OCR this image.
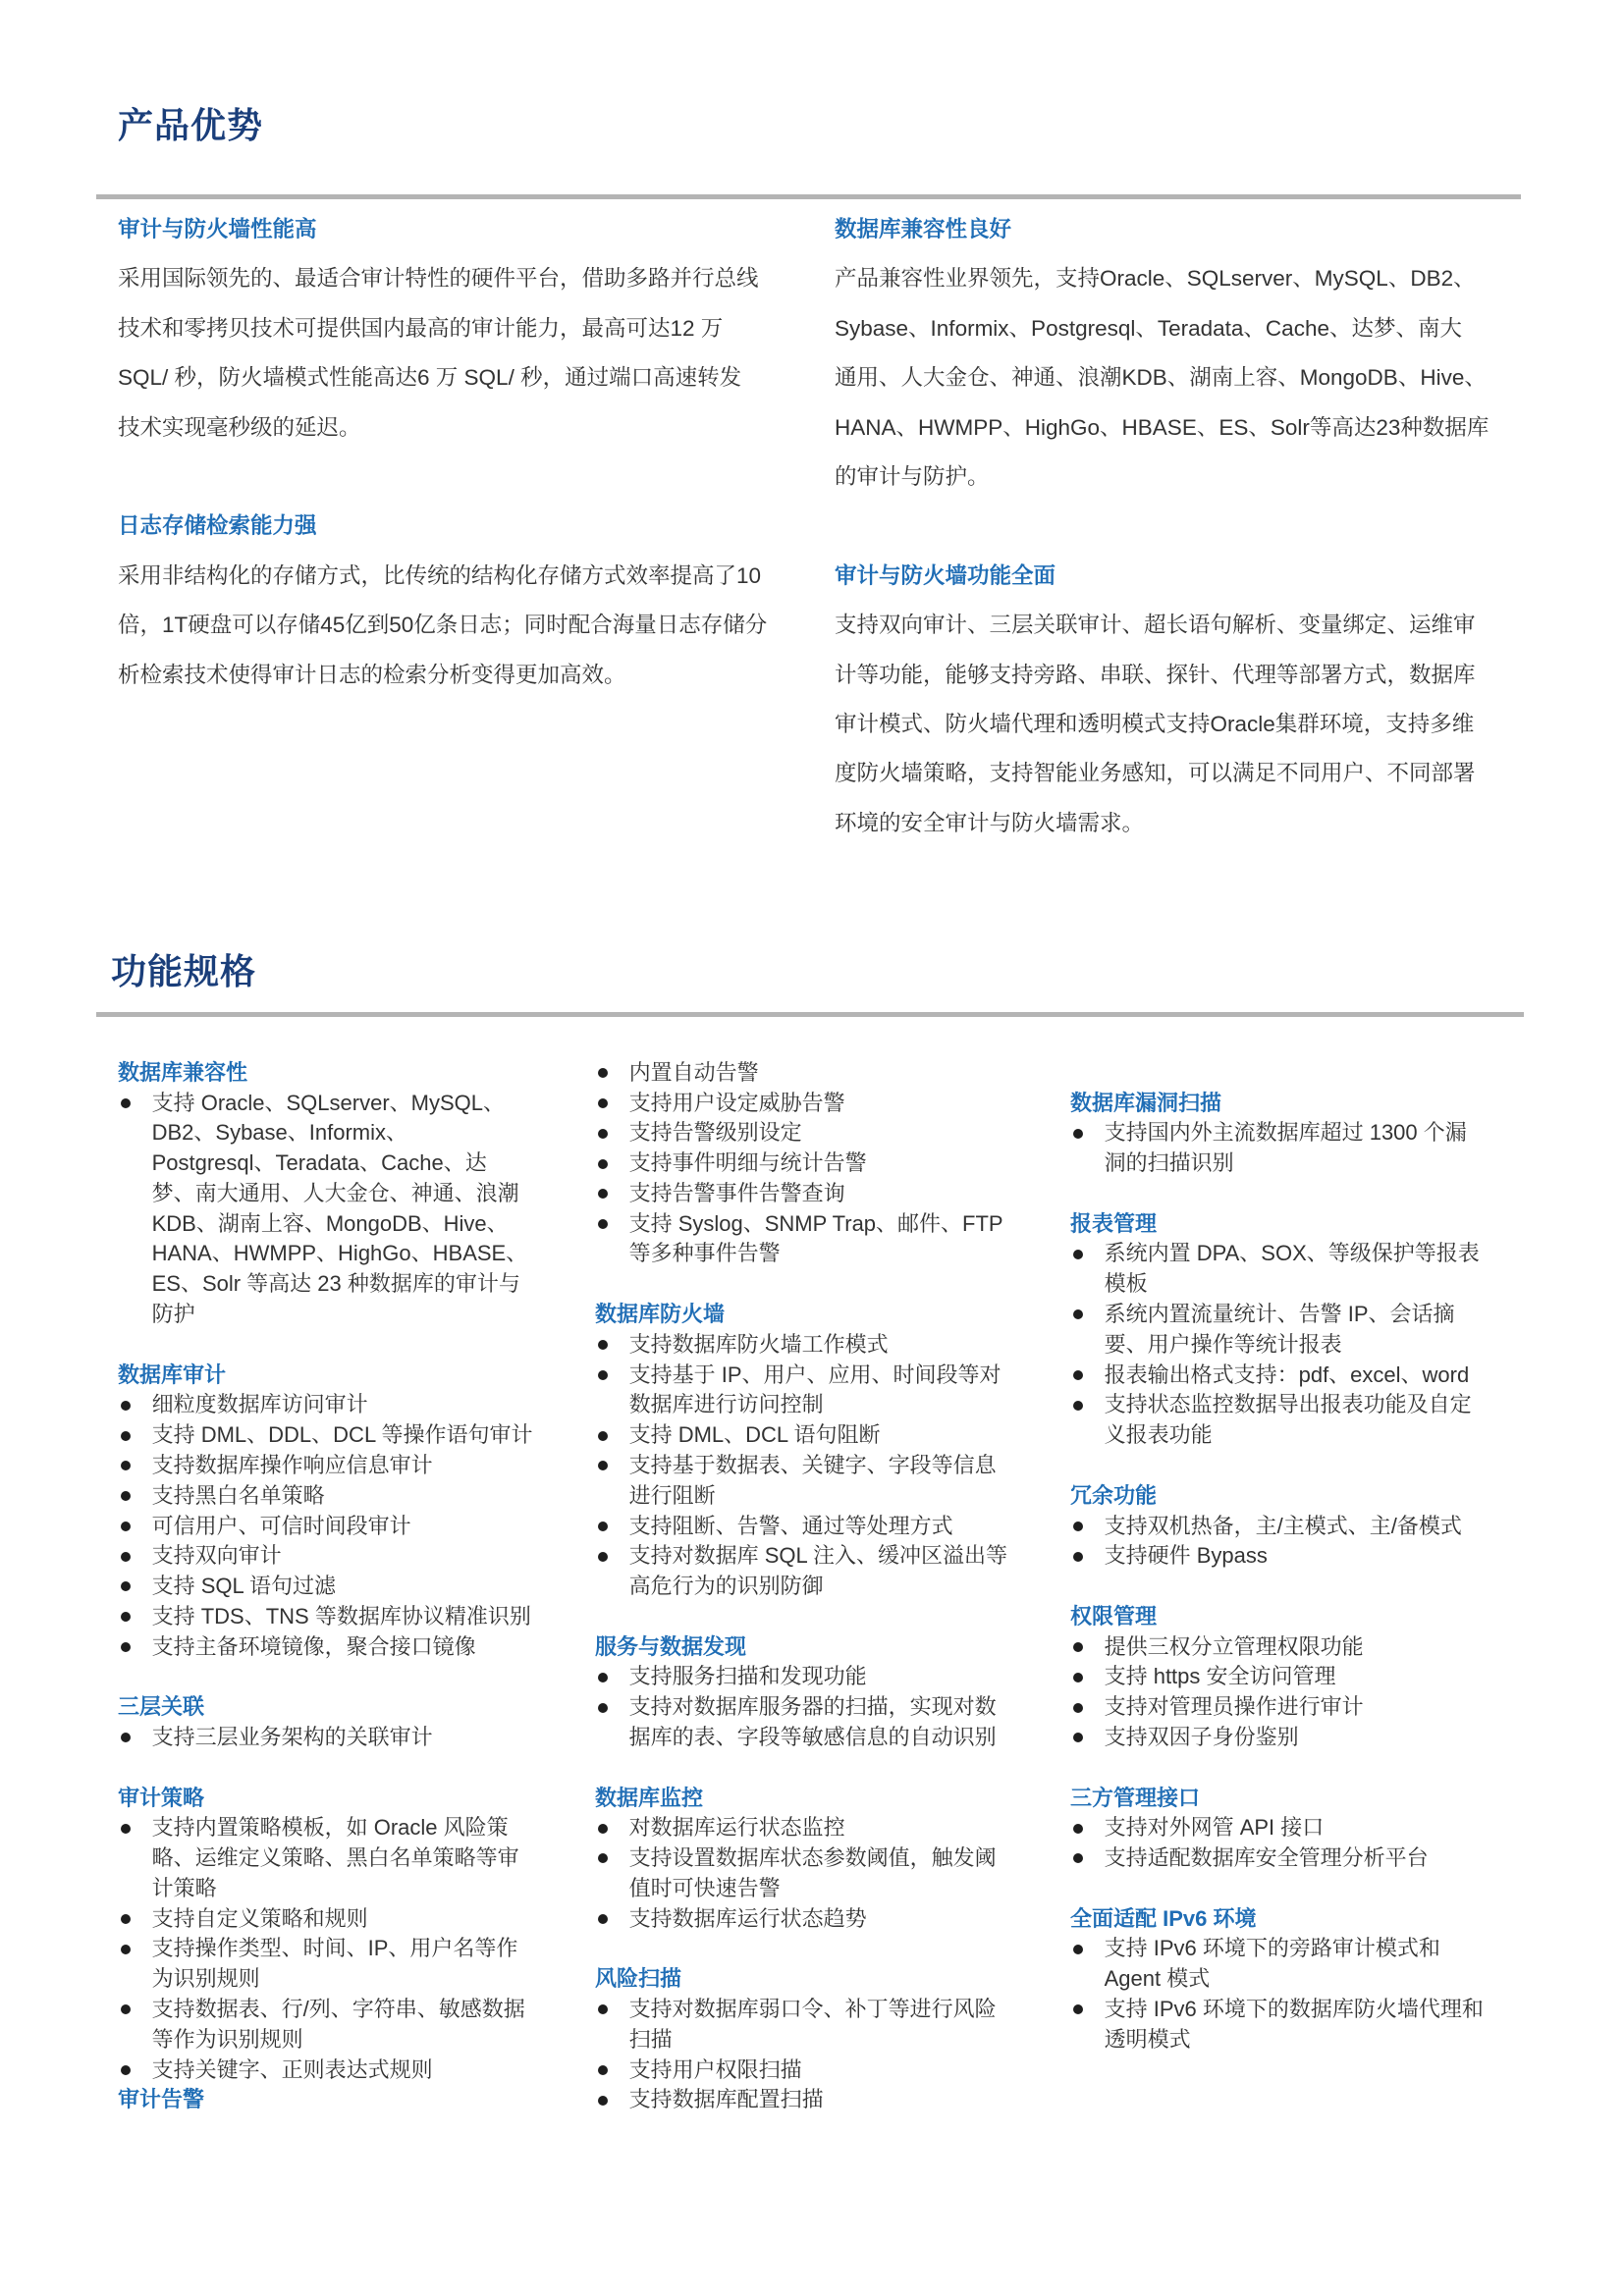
产品优势
审计与防火墙性能高
采用国际领先的、最适合审计特性的硬件平台，借助多路并行总线
技术和零拷贝技术可提供国内最高的审计能力，最高可达12 万
SQL/ 秒，防火墙模式性能高达6 万 SQL/ 秒，通过端口高速转发
技术实现毫秒级的延迟。
日志存储检索能力强
采用非结构化的存储方式，比传统的结构化存储方式效率提高了10
倍，1T硬盘可以存储45亿到50亿条日志；同时配合海量日志存储分
析检索技术使得审计日志的检索分析变得更加高效。
数据库兼容性良好
产品兼容性业界领先，支持Oracle、SQLserver、MySQL、DB2、
Sybase、Informix、Postgresql、Teradata、Cache、达梦、南大
通用、人大金仓、神通、浪潮KDB、湖南上容、MongoDB、Hive、
HANA、HWMPP、HighGo、HBASE、ES、Solr等高达23种数据库
的审计与防护。
审计与防火墙功能全面
支持双向审计、三层关联审计、超长语句解析、变量绑定、运维审
计等功能，能够支持旁路、串联、探针、代理等部署方式，数据库
审计模式、防火墙代理和透明模式支持Oracle集群环境，支持多维
度防火墙策略，支持智能业务感知，可以满足不同用户、不同部署
环境的安全审计与防火墙需求。
功能规格
数据库兼容性
支持 Oracle、SQLserver、MySQL、
DB2、Sybase、Informix、
Postgresql、Teradata、Cache、达
梦、南大通用、人大金仓、神通、浪潮
KDB、湖南上容、MongoDB、Hive、
HANA、HWMPP、HighGo、HBASE、
ES、Solr 等高达 23 种数据库的审计与
防护
数据库审计
细粒度数据库访问审计
支持 DML、DDL、DCL 等操作语句审计
支持数据库操作响应信息审计
支持黑白名单策略
可信用户、可信时间段审计
支持双向审计
支持 SQL 语句过滤
支持 TDS、TNS 等数据库协议精准识别
支持主备环境镜像，聚合接口镜像
三层关联
支持三层业务架构的关联审计
审计策略
支持内置策略模板，如 Oracle 风险策
略、运维定义策略、黑白名单策略等审
计策略
支持自定义策略和规则
支持操作类型、时间、IP、用户名等作
为识别规则
支持数据表、行/列、字符串、敏感数据
等作为识别规则
支持关键字、正则表达式规则
审计告警
内置自动告警
支持用户设定威胁告警
支持告警级别设定
支持事件明细与统计告警
支持告警事件告警查询
支持 Syslog、SNMP Trap、邮件、FTP
等多种事件告警
数据库防火墙
支持数据库防火墙工作模式
支持基于 IP、用户、应用、时间段等对
数据库进行访问控制
支持 DML、DCL 语句阻断
支持基于数据表、关键字、字段等信息
进行阻断
支持阻断、告警、通过等处理方式
支持对数据库 SQL 注入、缓冲区溢出等
高危行为的识别防御
服务与数据发现
支持服务扫描和发现功能
支持对数据库服务器的扫描，实现对数
据库的表、字段等敏感信息的自动识别
数据库监控
对数据库运行状态监控
支持设置数据库状态参数阈值，触发阈
值时可快速告警
支持数据库运行状态趋势
风险扫描
支持对数据库弱口令、补丁等进行风险
扫描
支持用户权限扫描
支持数据库配置扫描
数据库漏洞扫描
支持国内外主流数据库超过 1300 个漏
洞的扫描识别
报表管理
系统内置 DPA、SOX、等级保护等报表
模板
系统内置流量统计、告警 IP、会话摘
要、用户操作等统计报表
报表输出格式支持：pdf、excel、word
支持状态监控数据导出报表功能及自定
义报表功能
冗余功能
支持双机热备，主/主模式、主/备模式
支持硬件 Bypass
权限管理
提供三权分立管理权限功能
支持 https 安全访问管理
支持对管理员操作进行审计
支持双因子身份鉴别
三方管理接口
支持对外网管 API 接口
支持适配数据库安全管理分析平台
全面适配 IPv6 环境
支持 IPv6 环境下的旁路审计模式和
Agent 模式
支持 IPv6 环境下的数据库防火墙代理和
透明模式
